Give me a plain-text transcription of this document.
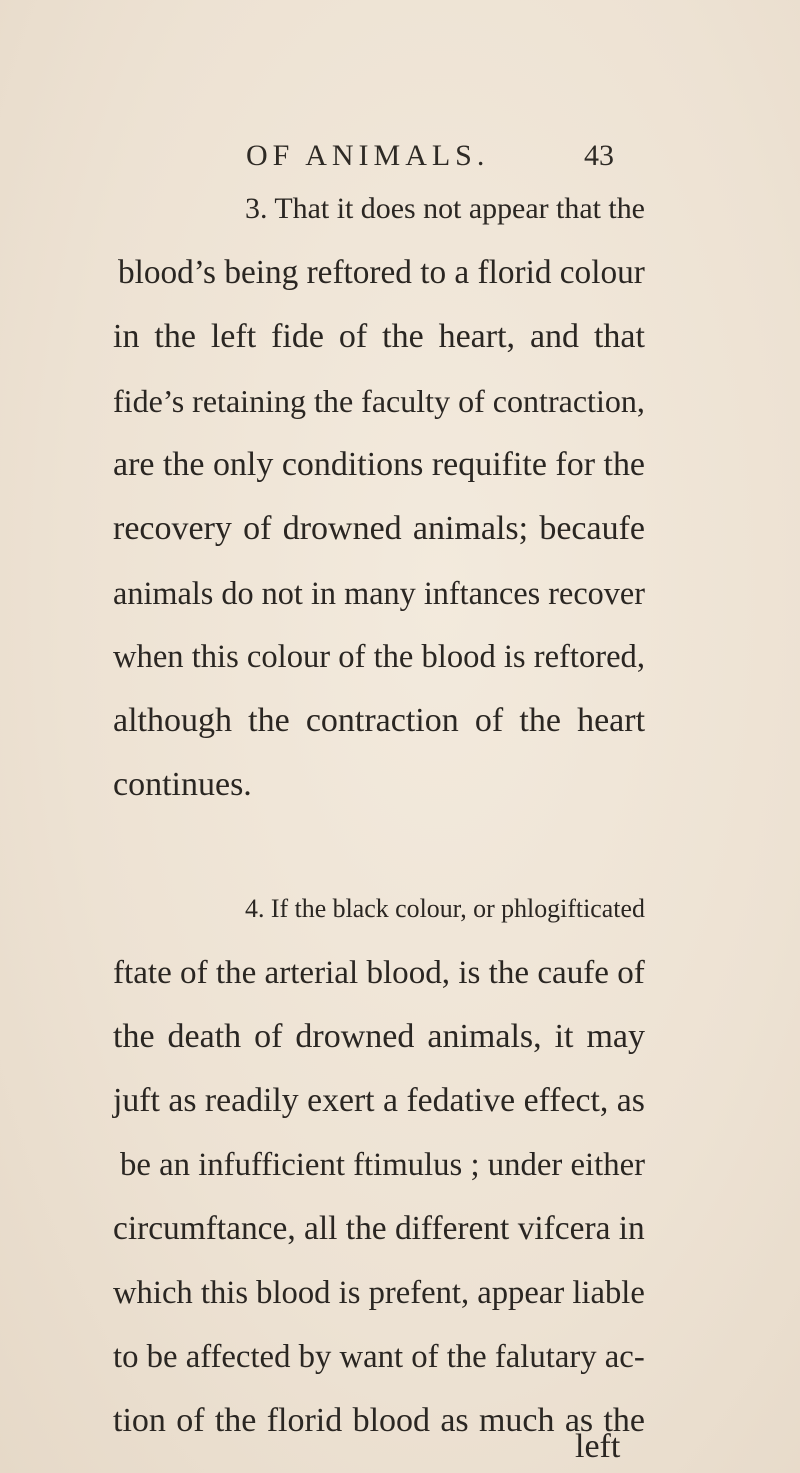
OF ANIMALS.	43
3. That it does not appear that the
blood’s being reftored to a florid colour
in the left fide of the heart, and that
fide’s retaining the faculty of contraction,
are the only conditions requifite for the
recovery of drowned animals; becaufe
animals do not in many inftances recover
when this colour of the blood is reftored,
although the contraction of the heart
continues.
4. If the black colour, or phlogifticated
ftate of the arterial blood, is the caufe of
the death of drowned animals, it may
juft as readily exert a fedative effect, as
be an infufficient ftimulus ; under either
circumftance, all the different vifcera in
which this blood is prefent, appear liable
to be affected by want of the falutary ac-
tion of the florid blood as much as the
left
